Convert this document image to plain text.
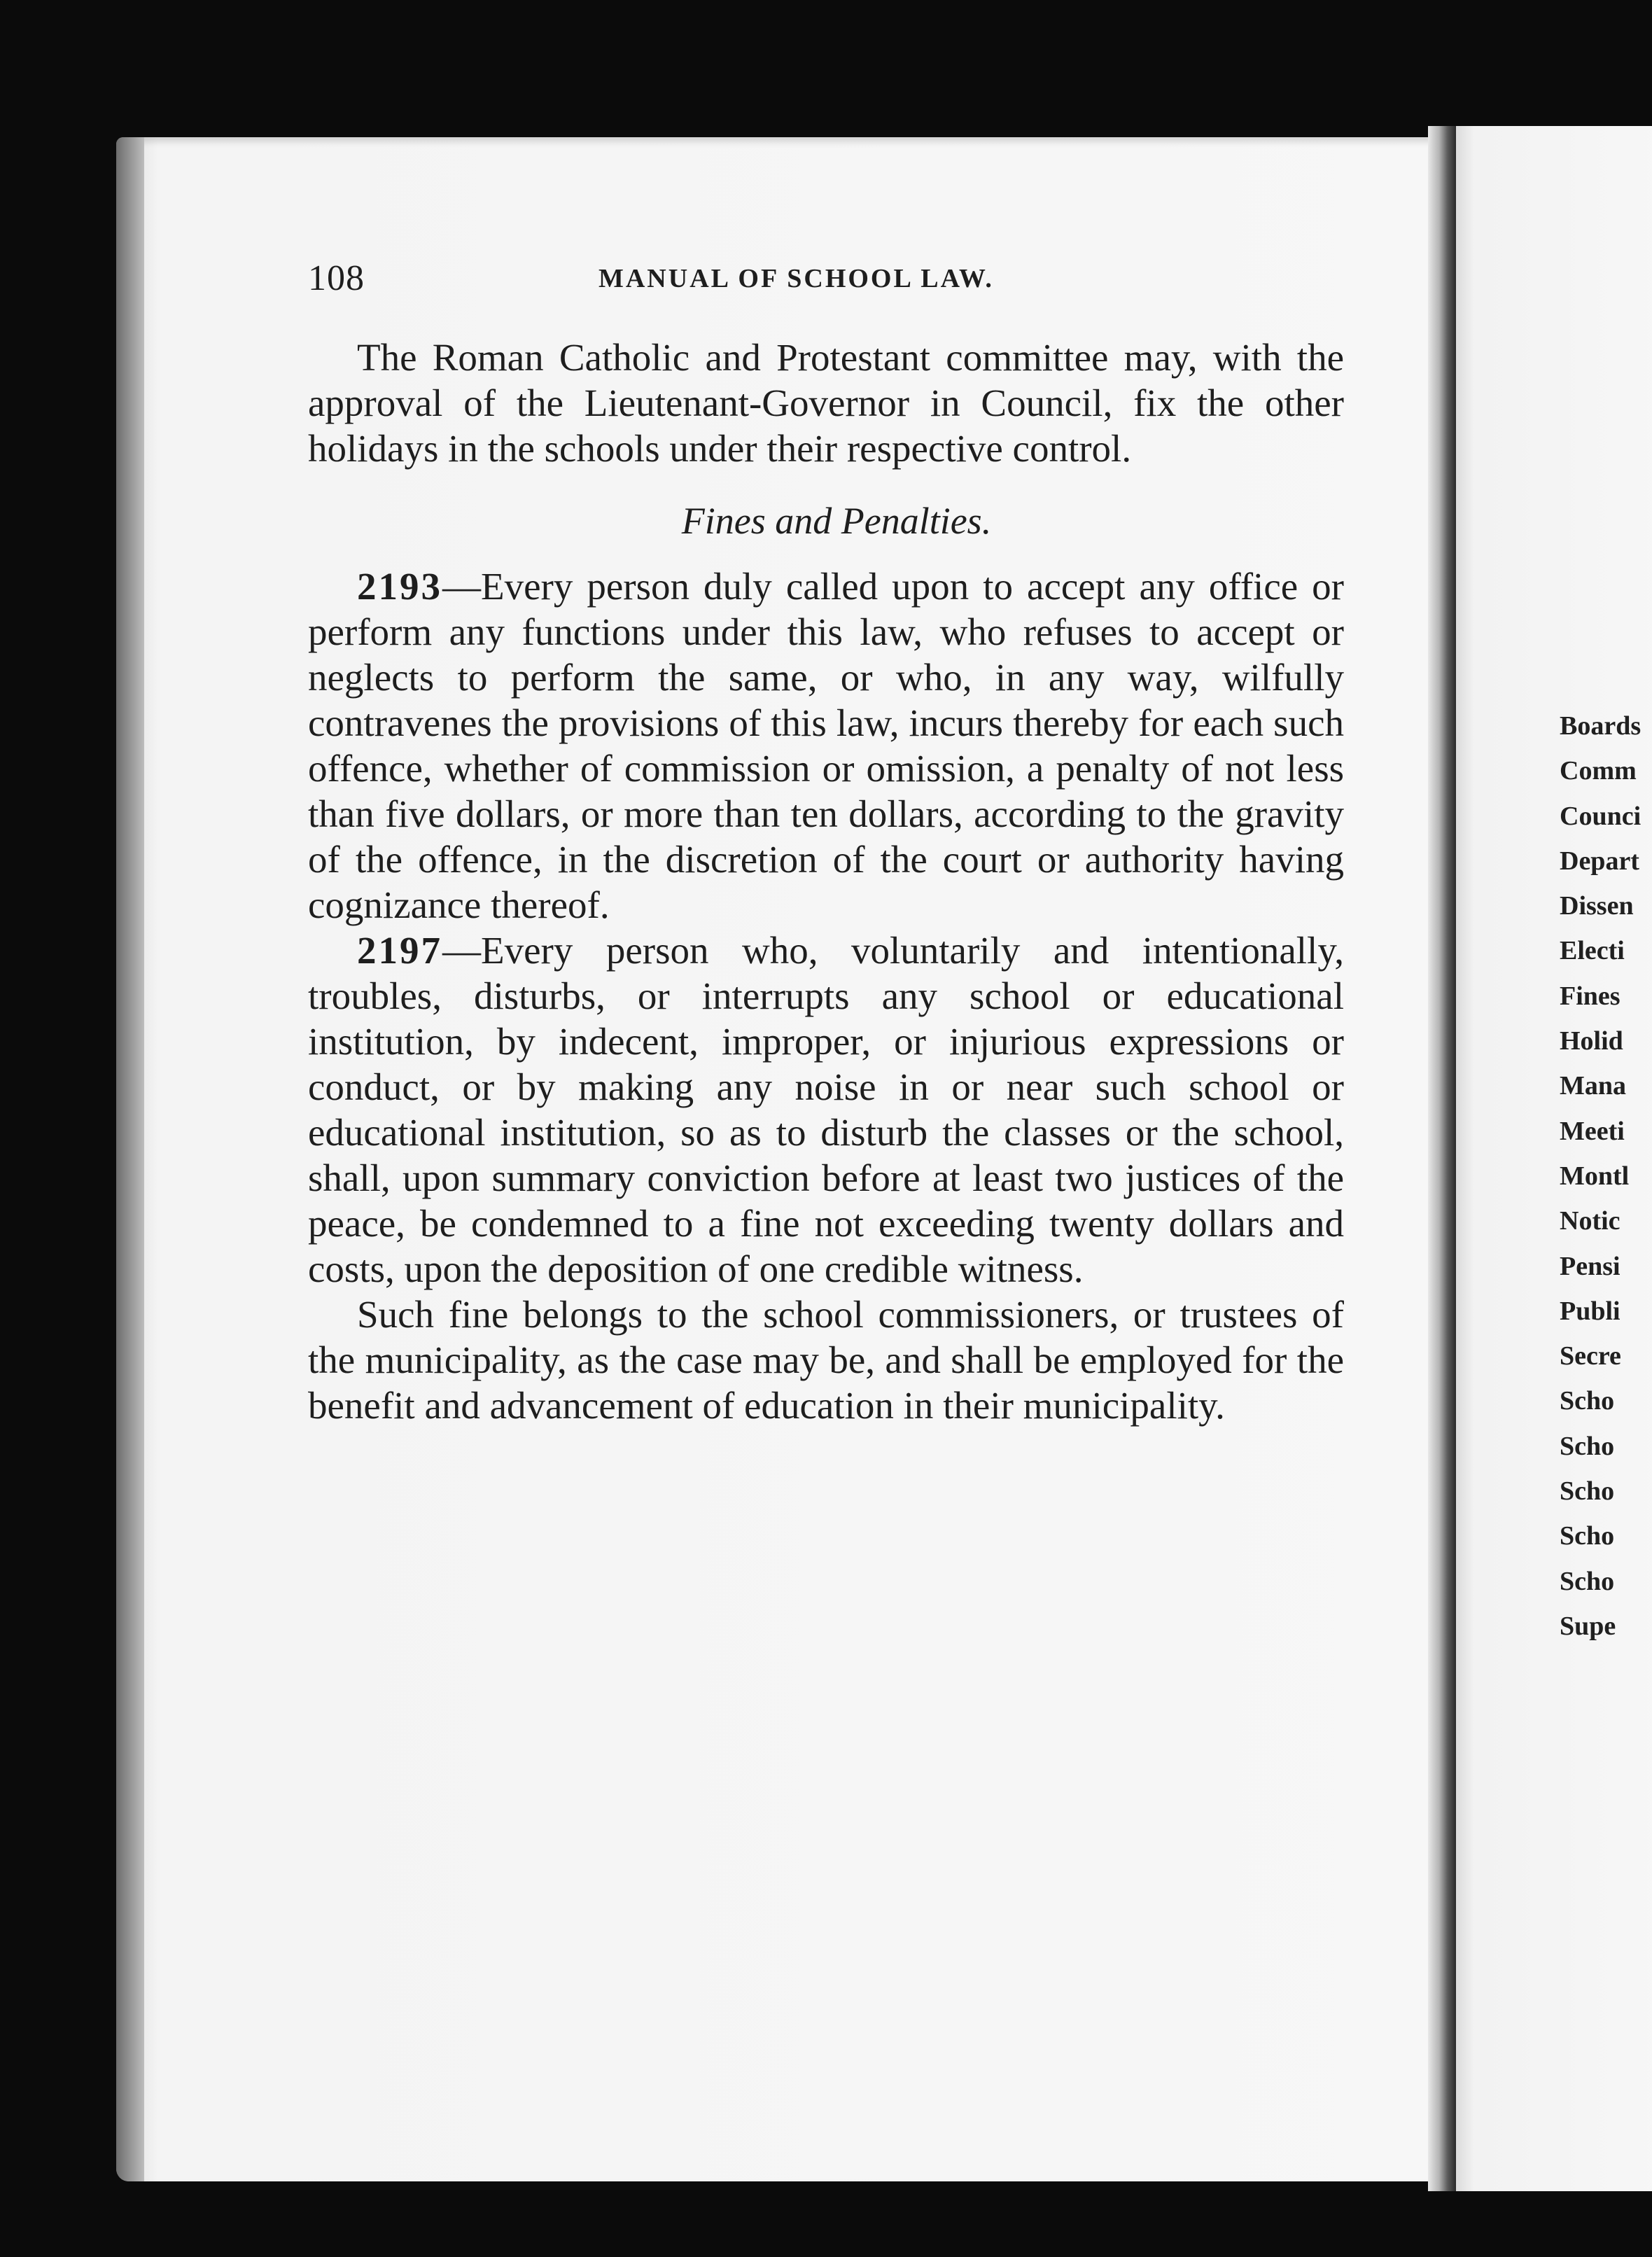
108	MANUAL OF SCHOOL LAW.

The Roman Catholic and Protestant committee may, with the approval of the Lieutenant-Governor in Council, fix the other holidays in the schools under their respective control.

Fines and Penalties.

2193—Every person duly called upon to accept any office or perform any functions under this law, who refuses to accept or neglects to perform the same, or who, in any way, wilfully contravenes the provisions of this law, incurs thereby for each such offence, whether of commission or omission, a penalty of not less than five dollars, or more than ten dollars, according to the gravity of the offence, in the discretion of the court or authority having cognizance thereof.

2197—Every person who, voluntarily and intentionally, troubles, disturbs, or interrupts any school or educational institution, by indecent, improper, or injurious expressions or conduct, or by making any noise in or near such school or educational institution, so as to disturb the classes or the school, shall, upon summary conviction before at least two justices of the peace, be condemned to a fine not exceeding twenty dollars and costs, upon the deposition of one credible witness.

Such fine belongs to the school commissioners, or trustees of the municipality, as the case may be, and shall be employed for the benefit and advancement of education in their municipality.

Boards
Comm
Counci
Depart
Dissen
Electi
Fines
Holid
Mana
Meeti
Montl
Notic
Pensi
Publi
Secre
Scho
Scho
Scho
Scho
Scho
Supe
